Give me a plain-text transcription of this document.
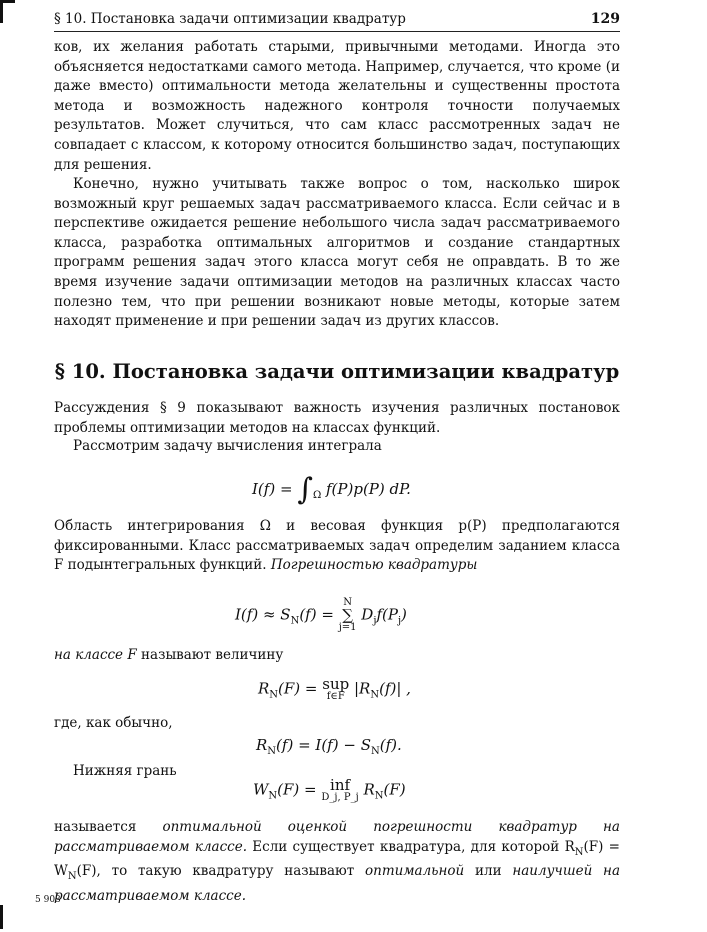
§ 10. Постановка задачи оптимизации квадратур	129
ков, их желания работать старыми, привычными методами. Иногда это объясняется недостатками самого метода. Например, случается, что кроме (и даже вместо) оптимальности метода желательны и существенны простота метода и возможность надежного контроля точности получаемых результатов. Может случиться, что сам класс рассмотренных задач не совпадает с классом, к которому относится большинство задач, поступающих для решения.
Конечно, нужно учитывать также вопрос о том, насколько широк возможный круг решаемых задач рассматриваемого класса. Если сейчас и в перспективе ожидается решение небольшого числа задач рассматриваемого класса, разработка оптимальных алгоритмов и создание стандартных программ решения задач этого класса могут себя не оправдать. В то же время изучение задачи оптимизации методов на различных классах часто полезно тем, что при решении возникают новые методы, которые затем находят применение и при решении задач из других классов.
§ 10. Постановка задачи оптимизации квадратур
Рассуждения § 9 показывают важность изучения различных постановок проблемы оптимизации методов на классах функций.
Рассмотрим задачу вычисления интеграла
$I(f) = \int_\Omega$ f(P)p(P) dP.
Область интегрирования Ω и весовая функция p(P) предполагаются фиксированными. Класс рассматриваемых задач определим заданием класса F подынтегральных функций. Погрешностью квадратуры
$I(f) \approx S_N(f)$ =
N
∑
j=1
$D_jf(P_j)$
на классе F называют величину
$R_N(F)$ = sup
f∈F $|R_N(f)|$ ,
где, как обычно,
$R_N(f) = I(f) - S_N(f)$.
Нижняя грань
$W_N(F)$ = inf
D_j, P_j $R_N(F)$
называется оптимальной оценкой погрешности квадратур на рассматриваемом классе. Если существует квадратура, для которой $R_N(F) = W_N(F)$, то такую квадратуру называют оптимальной или наилучшей на рассматриваемом классе.
5 903
